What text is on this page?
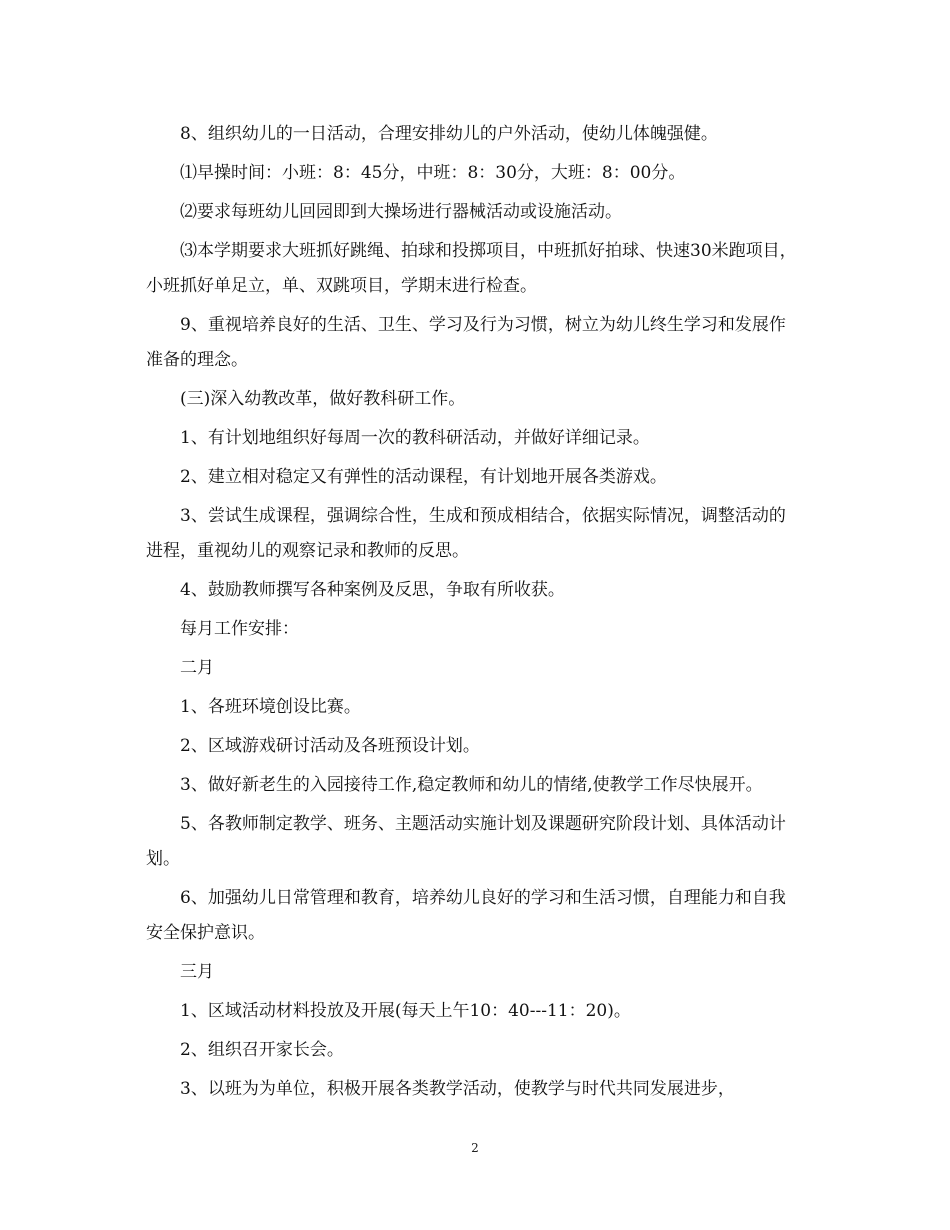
8、组织幼儿的一日活动，合理安排幼儿的户外活动，使幼儿体魄强健。

⑴早操时间：小班：8：45分，中班：8：30分，大班：8：00分。

⑵要求每班幼儿回园即到大操场进行器械活动或设施活动。

⑶本学期要求大班抓好跳绳、拍球和投掷项目，中班抓好拍球、快速30米跑项目，小班抓好单足立，单、双跳项目，学期末进行检查。

9、重视培养良好的生活、卫生、学习及行为习惯，树立为幼儿终生学习和发展作准备的理念。

(三)深入幼教改革，做好教科研工作。

1、有计划地组织好每周一次的教科研活动，并做好详细记录。

2、建立相对稳定又有弹性的活动课程，有计划地开展各类游戏。

3、尝试生成课程，强调综合性，生成和预成相结合，依据实际情况，调整活动的进程，重视幼儿的观察记录和教师的反思。

4、鼓励教师撰写各种案例及反思，争取有所收获。

每月工作安排：

二月

1、各班环境创设比赛。

2、区域游戏研讨活动及各班预设计划。

3、做好新老生的入园接待工作,稳定教师和幼儿的情绪,使教学工作尽快展开。

5、各教师制定教学、班务、主题活动实施计划及课题研究阶段计划、具体活动计划。

6、加强幼儿日常管理和教育，培养幼儿良好的学习和生活习惯，自理能力和自我安全保护意识。

三月

1、区域活动材料投放及开展(每天上午10：40---11：20)。

2、组织召开家长会。

3、以班为为单位，积极开展各类教学活动，使教学与时代共同发展进步，

2
